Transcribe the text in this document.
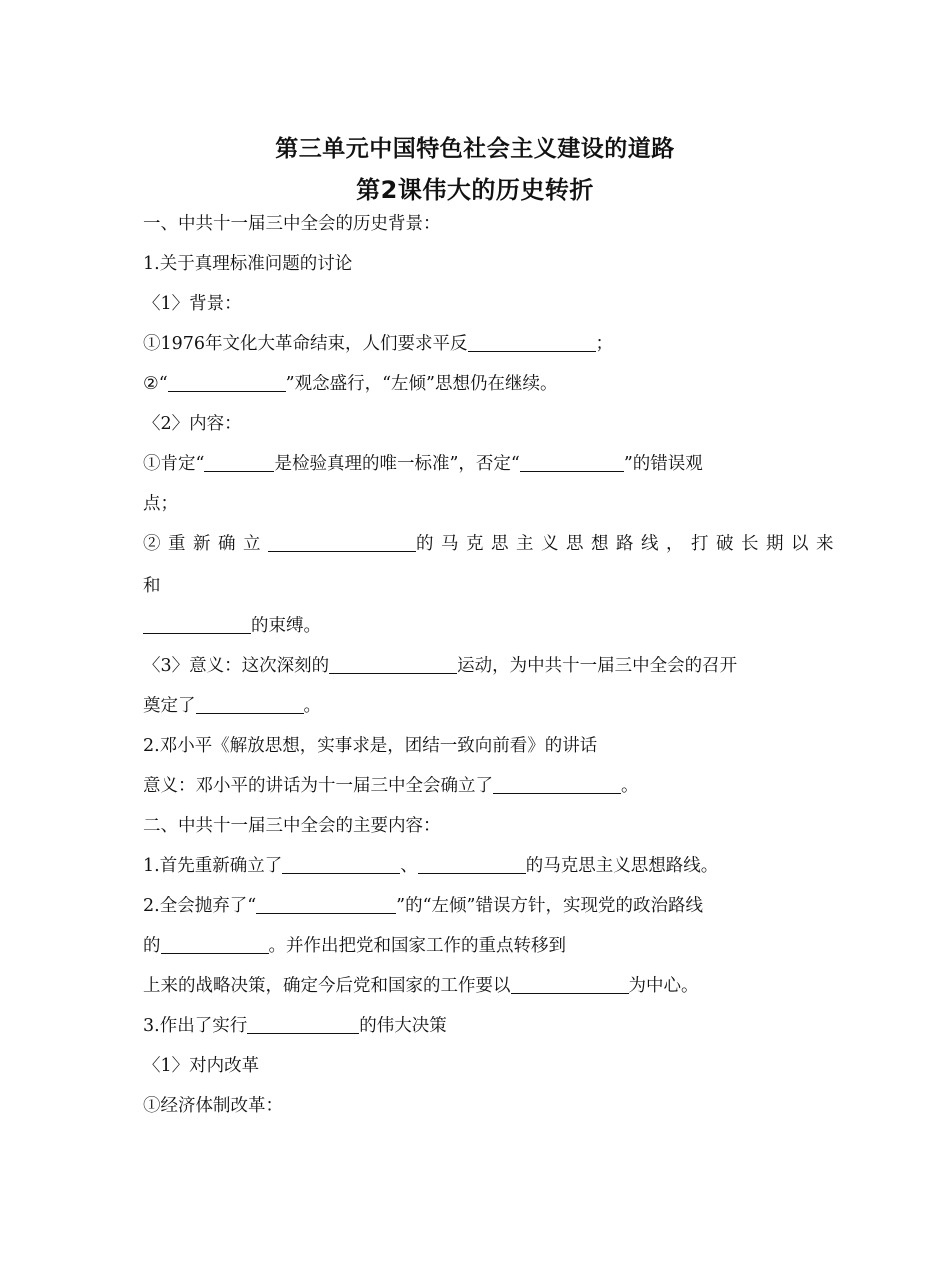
第三单元中国特色社会主义建设的道路
第2课伟大的历史转折
一、中共十一届三中全会的历史背景：
1.关于真理标准问题的讨论
〈1〉背景：
①1976年文化大革命结束，人们要求平反	；
②“	”观念盛行，“左倾”思想仍在继续。
〈2〉内容：
①肯定“	是检验真理的唯一标准”，否定“	”的错误观
点；
②重新确立	的马克思主义思想路线，打破长期以来
和
的束缚。
〈3〉意义：这次深刻的	运动，为中共十一届三中全会的召开
奠定了	。
2.邓小平《解放思想，实事求是，团结一致向前看》的讲话
意义：邓小平的讲话为十一届三中全会确立了	。
二、中共十一届三中全会的主要内容：
1.首先重新确立了	、	的马克思主义思想路线。
2.全会抛弃了“	”的“左倾”错误方针，实现党的政治路线
的	。并作出把党和国家工作的重点转移到
上来的战略决策，确定今后党和国家的工作要以	为中心。
3.作出了实行	的伟大决策
〈1〉对内改革
①经济体制改革：
